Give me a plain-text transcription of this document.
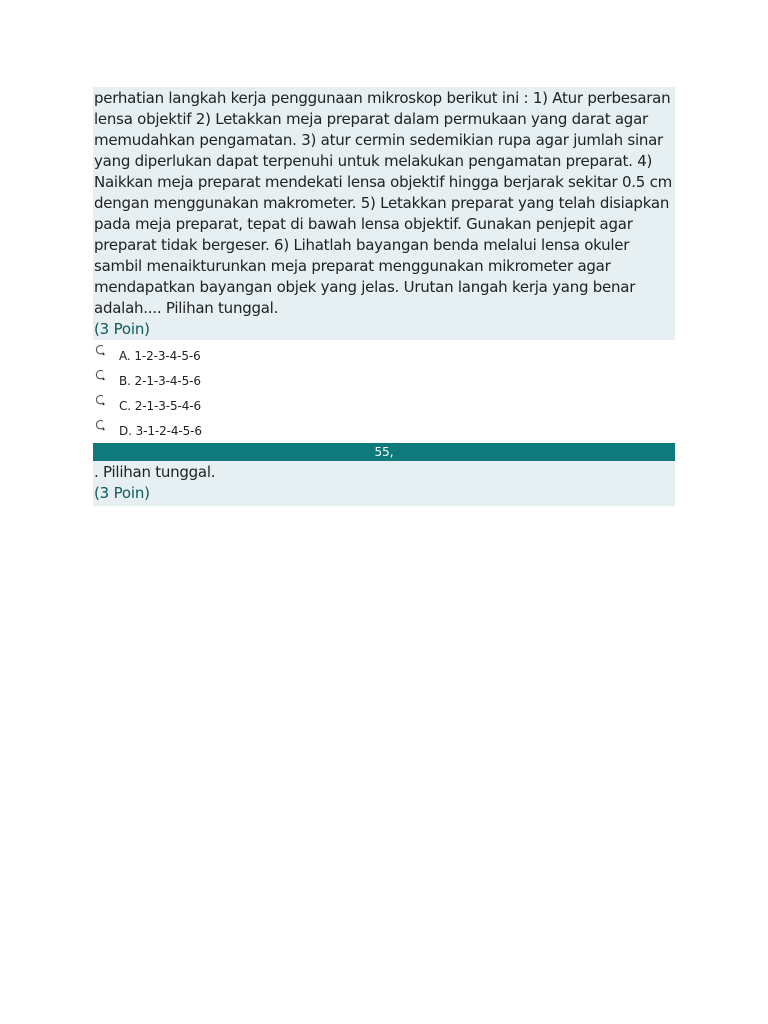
perhatian langkah kerja penggunaan mikroskop berikut ini : 1) Atur perbesaran lensa objektif 2) Letakkan meja preparat dalam permukaan yang darat agar memudahkan pengamatan. 3) atur cermin sedemikian rupa agar jumlah sinar yang diperlukan dapat terpenuhi untuk melakukan pengamatan preparat. 4) Naikkan meja preparat mendekati lensa objektif hingga berjarak sekitar 0.5 cm dengan menggunakan makrometer. 5) Letakkan preparat yang telah disiapkan pada meja preparat, tepat di bawah lensa objektif. Gunakan penjepit agar preparat tidak bergeser. 6) Lihatlah bayangan benda melalui lensa okuler sambil menaikturunkan meja preparat menggunakan mikrometer agar mendapatkan bayangan objek yang jelas. Urutan langah kerja yang benar adalah.... Pilihan tunggal.

(3 Poin)

A. 1-2-3-4-5-6
B. 2-1-3-4-5-6
C. 2-1-3-5-4-6
D. 3-1-2-4-5-6
55,

. Pilihan tunggal.

(3 Poin)
